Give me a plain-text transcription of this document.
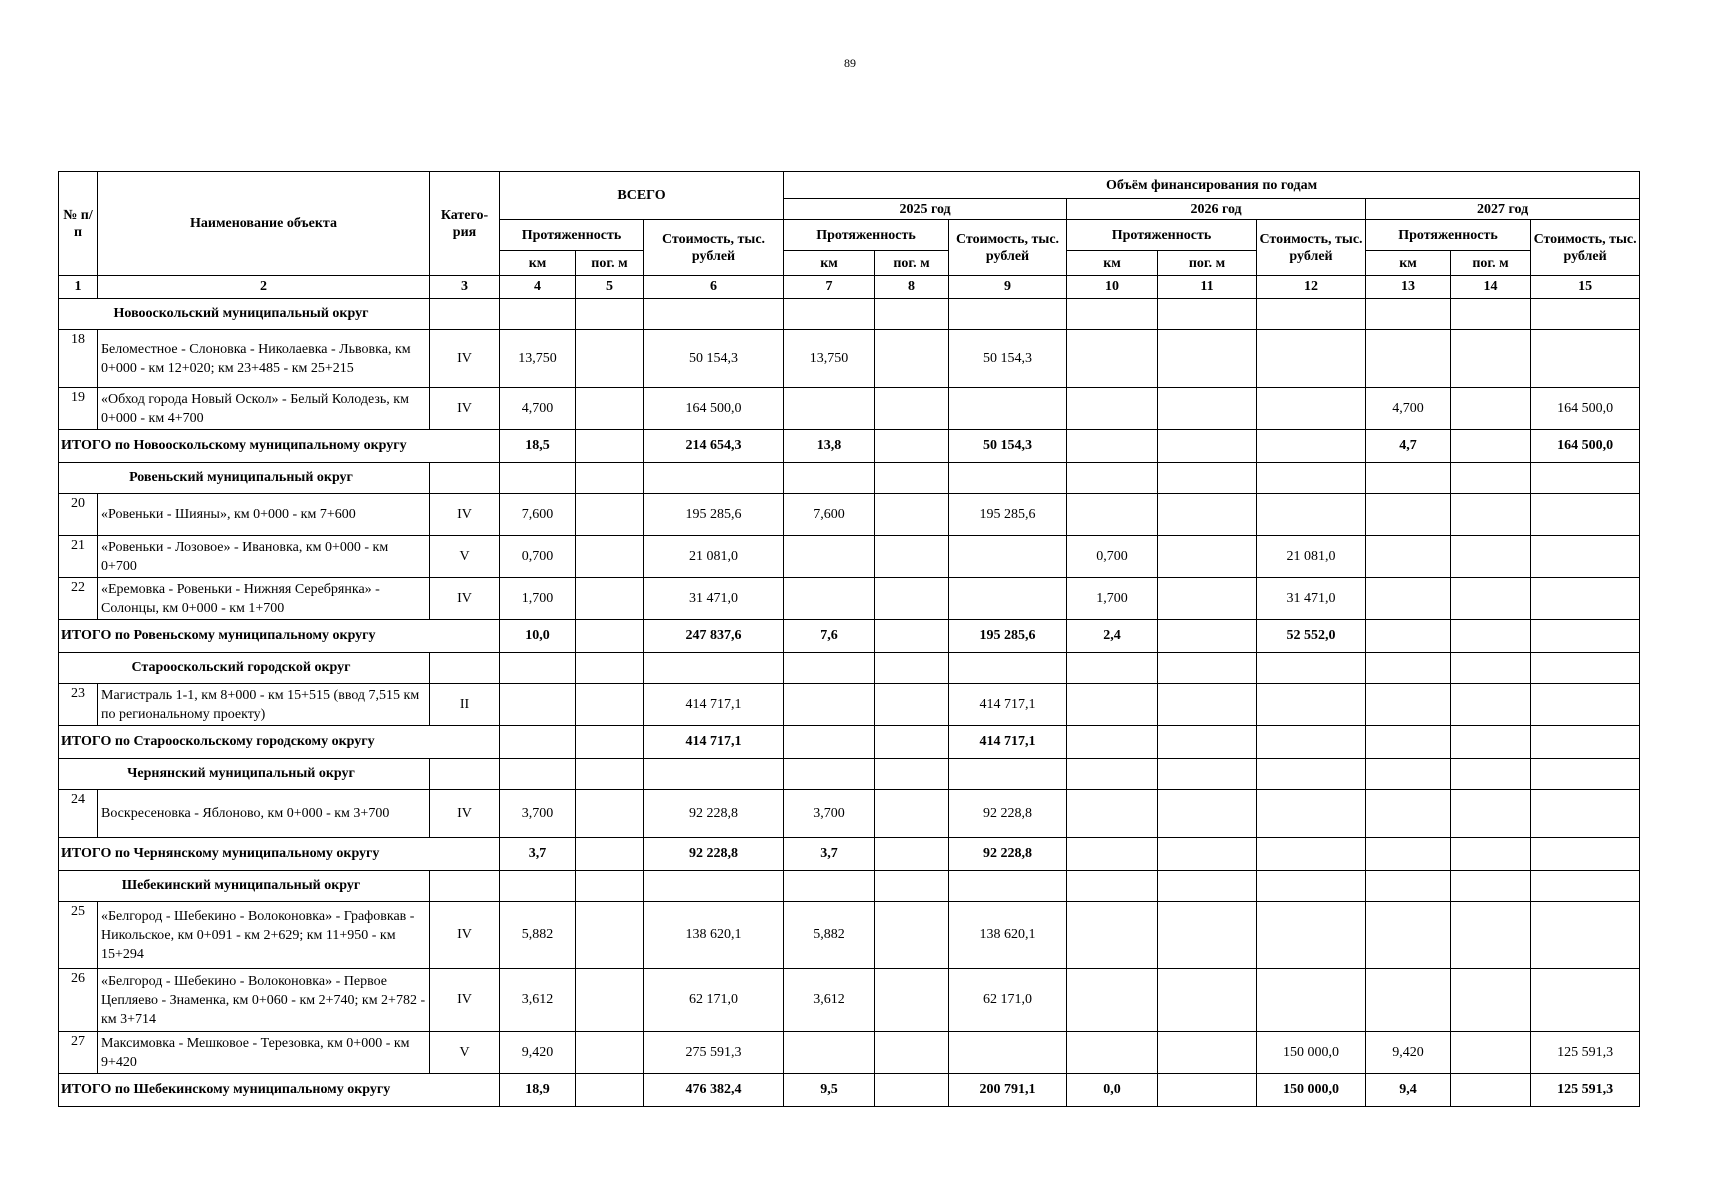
89
№ п/п	Наименование объекта	Катего-рия	ВСЕГО			Объём финансирования по годам								
						2025 год			2026 год			2027 год		
			Протяженность		Стоимость, тыс. рублей	Протяженность		Стоимость, тыс. рублей	Протяженность		Стоимость, тыс. рублей	Протяженность		Стоимость, тыс. рублей
			км	пог. м		км	пог. м		км	пог. м		км	пог. м	
1	2	3	4	5	6	7	8	9	10	11	12	13	14	15
Новооскольский муниципальный округ														
18	Беломестное - Слоновка - Николаевка - Львовка, км 0+000 - км 12+020; км 23+485 - км 25+215	IV	13,750		50 154,3	13,750		50 154,3						
19	«Обход города Новый Оскол» - Белый Колодезь, км 0+000 - км 4+700	IV	4,700		164 500,0							4,700		164 500,0
ИТОГО по Новооскольскому муниципальному округу			18,5		214 654,3	13,8		50 154,3				4,7		164 500,0
Ровеньский муниципальный округ														
20	«Ровеньки - Шияны», км 0+000 - км 7+600	IV	7,600		195 285,6	7,600		195 285,6						
21	«Ровеньки - Лозовое» - Ивановка, км 0+000 - км 0+700	V	0,700		21 081,0				0,700		21 081,0			
22	«Еремовка - Ровеньки - Нижняя Серебрянка» - Солонцы, км 0+000 - км 1+700	IV	1,700		31 471,0				1,700		31 471,0			
ИТОГО по Ровеньскому муниципальному округу			10,0		247 837,6	7,6		195 285,6	2,4		52 552,0			
Старооскольский городской округ														
23	Магистраль 1-1, км 8+000 - км 15+515 (ввод 7,515 км по региональному проекту)	II			414 717,1			414 717,1						
ИТОГО по Старооскольскому городскому округу					414 717,1			414 717,1						
Чернянский муниципальный округ														
24	Воскресеновка - Яблоново, км 0+000 - км 3+700	IV	3,700		92 228,8	3,700		92 228,8						
ИТОГО по Чернянскому муниципальному округу			3,7		92 228,8	3,7		92 228,8						
Шебекинский муниципальный округ														
25	«Белгород - Шебекино - Волоконовка» - Графовкав - Никольское, км 0+091 - км 2+629; км 11+950 - км 15+294	IV	5,882		138 620,1	5,882		138 620,1						
26	«Белгород - Шебекино - Волоконовка» - Первое Цепляево - Знаменка, км 0+060 - км 2+740; км 2+782 - км 3+714	IV	3,612		62 171,0	3,612		62 171,0						
27	Максимовка - Мешковое - Терезовка, км 0+000 - км 9+420	V	9,420		275 591,3						150 000,0	9,420		125 591,3
ИТОГО по Шебекинскому муниципальному округу			18,9		476 382,4	9,5		200 791,1	0,0		150 000,0	9,4		125 591,3
